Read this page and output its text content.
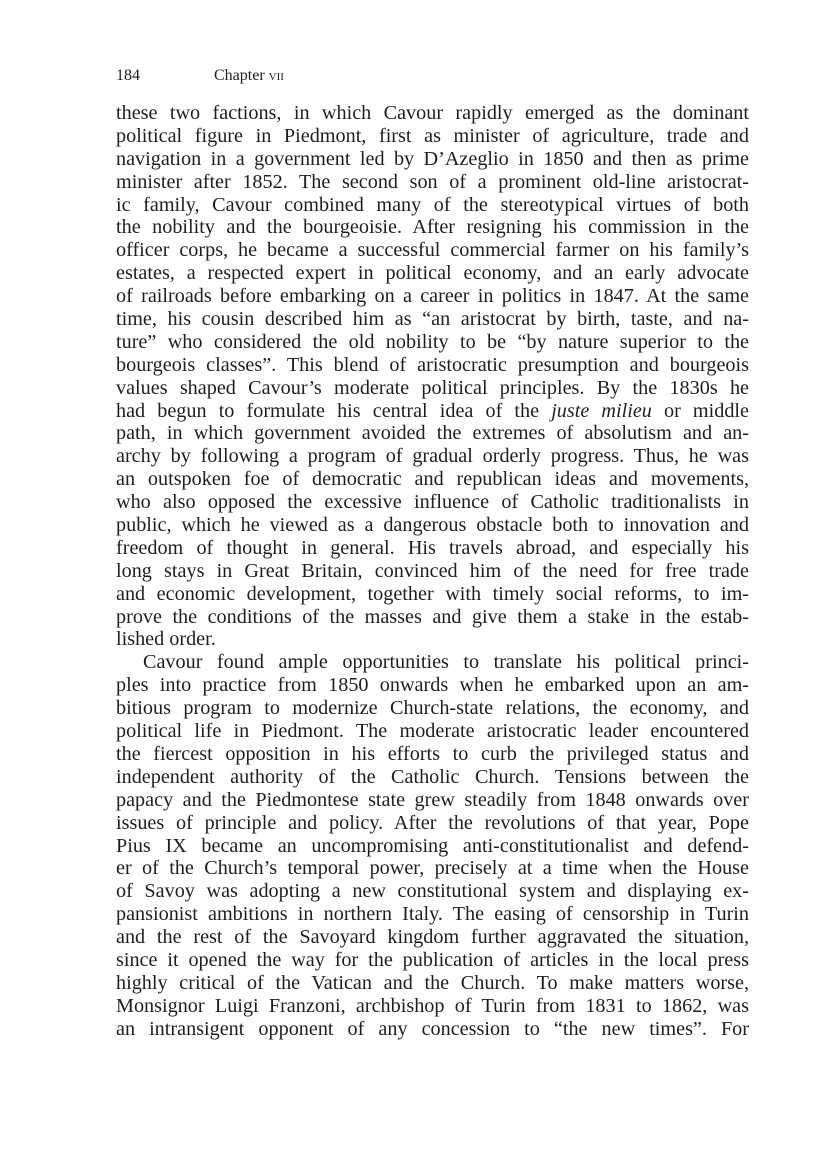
184	Chapter vii
these two factions, in which Cavour rapidly emerged as the dominant
political figure in Piedmont, first as minister of agriculture, trade and
navigation in a government led by D’Azeglio in 1850 and then as prime
minister after 1852. The second son of a prominent old-line aristocrat-
ic family, Cavour combined many of the stereotypical virtues of both
the nobility and the bourgeoisie. After resigning his commission in the
officer corps, he became a successful commercial farmer on his family’s
estates, a respected expert in political economy, and an early advocate
of railroads before embarking on a career in politics in 1847. At the same
time, his cousin described him as “an aristocrat by birth, taste, and na-
ture” who considered the old nobility to be “by nature superior to the
bourgeois classes”. This blend of aristocratic presumption and bourgeois
values shaped Cavour’s moderate political principles. By the 1830s he
had begun to formulate his central idea of the juste milieu or middle
path, in which government avoided the extremes of absolutism and an-
archy by following a program of gradual orderly progress. Thus, he was
an outspoken foe of democratic and republican ideas and movements,
who also opposed the excessive influence of Catholic traditionalists in
public, which he viewed as a dangerous obstacle both to innovation and
freedom of thought in general. His travels abroad, and especially his
long stays in Great Britain, convinced him of the need for free trade
and economic development, together with timely social reforms, to im-
prove the conditions of the masses and give them a stake in the estab-
lished order.
Cavour found ample opportunities to translate his political princi-
ples into practice from 1850 onwards when he embarked upon an am-
bitious program to modernize Church-state relations, the economy, and
political life in Piedmont. The moderate aristocratic leader encountered
the fiercest opposition in his efforts to curb the privileged status and
independent authority of the Catholic Church. Tensions between the
papacy and the Piedmontese state grew steadily from 1848 onwards over
issues of principle and policy. After the revolutions of that year, Pope
Pius IX became an uncompromising anti-constitutionalist and defend-
er of the Church’s temporal power, precisely at a time when the House
of Savoy was adopting a new constitutional system and displaying ex-
pansionist ambitions in northern Italy. The easing of censorship in Turin
and the rest of the Savoyard kingdom further aggravated the situation,
since it opened the way for the publication of articles in the local press
highly critical of the Vatican and the Church. To make matters worse,
Monsignor Luigi Franzoni, archbishop of Turin from 1831 to 1862, was
an intransigent opponent of any concession to “the new times”. For
